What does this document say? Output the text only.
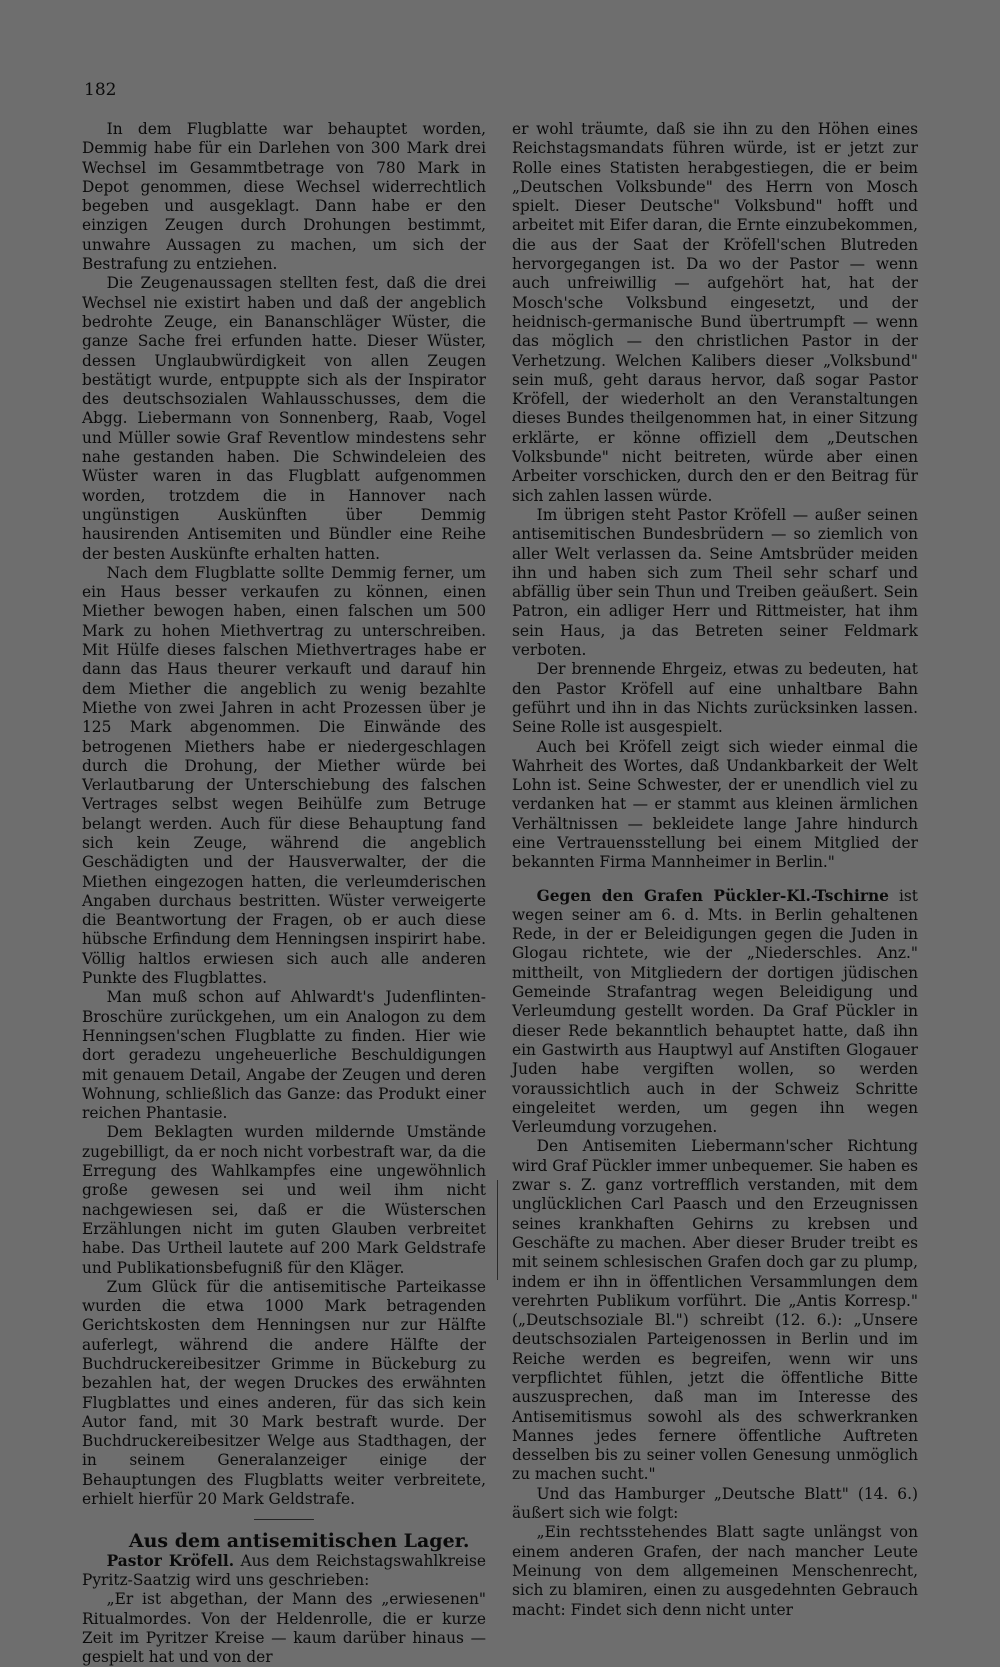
182

In dem Flugblatte war behauptet worden, Demmig habe für ein Darlehen von 300 Mark drei Wechsel im Gesammtbetrage von 780 Mark in Depot genommen, diese Wechsel widerrechtlich begeben und ausgeklagt. Dann habe er den einzigen Zeugen durch Drohungen bestimmt, unwahre Aussagen zu machen, um sich der Bestrafung zu entziehen.

Die Zeugenaussagen stellten fest, daß die drei Wechsel nie existirt haben und daß der angeblich bedrohte Zeuge, ein Bananschläger Wüster, die ganze Sache frei erfunden hatte. Dieser Wüster, dessen Unglaubwürdigkeit von allen Zeugen bestätigt wurde, entpuppte sich als der Inspirator des deutschsozialen Wahlausschusses, dem die Abgg. Liebermann von Sonnenberg, Raab, Vogel und Müller sowie Graf Reventlow mindestens sehr nahe gestanden haben. Die Schwindeleien des Wüster waren in das Flugblatt aufgenommen worden, trotzdem die in Hannover nach ungünstigen Auskünften über Demmig hausirenden Antisemiten und Bündler eine Reihe der besten Auskünfte erhalten hatten.

Nach dem Flugblatte sollte Demmig ferner, um ein Haus besser verkaufen zu können, einen Miether bewogen haben, einen falschen um 500 Mark zu hohen Miethvertrag zu unterschreiben. Mit Hülfe dieses falschen Miethvertrages habe er dann das Haus theurer verkauft und darauf hin dem Miether die angeblich zu wenig bezahlte Miethe von zwei Jahren in acht Prozessen über je 125 Mark abgenommen. Die Einwände des betrogenen Miethers habe er niedergeschlagen durch die Drohung, der Miether würde bei Verlautbarung der Unterschiebung des falschen Vertrages selbst wegen Beihülfe zum Betruge belangt werden. Auch für diese Behauptung fand sich kein Zeuge, während die angeblich Geschädigten und der Hausverwalter, der die Miethen eingezogen hatten, die verleumderischen Angaben durchaus bestritten. Wüster verweigerte die Beantwortung der Fragen, ob er auch diese hübsche Erfindung dem Henningsen inspirirt habe. Völlig haltlos erwiesen sich auch alle anderen Punkte des Flugblattes.

Man muß schon auf Ahlwardt's Judenflinten-Broschüre zurückgehen, um ein Analogon zu dem Henningsen'schen Flugblatte zu finden. Hier wie dort geradezu ungeheuerliche Beschuldigungen mit genauem Detail, Angabe der Zeugen und deren Wohnung, schließlich das Ganze: das Produkt einer reichen Phantasie.

Dem Beklagten wurden mildernde Umstände zugebilligt, da er noch nicht vorbestraft war, da die Erregung des Wahlkampfes eine ungewöhnlich große gewesen sei und weil ihm nicht nachgewiesen sei, daß er die Wüsterschen Erzählungen nicht im guten Glauben verbreitet habe. Das Urtheil lautete auf 200 Mark Geldstrafe und Publikationsbefugniß für den Kläger.

Zum Glück für die antisemitische Parteikasse wurden die etwa 1000 Mark betragenden Gerichtskosten dem Henningsen nur zur Hälfte auferlegt, während die andere Hälfte der Buchdruckereibesitzer Grimme in Bückeburg zu bezahlen hat, der wegen Druckes des erwähnten Flugblattes und eines anderen, für das sich kein Autor fand, mit 30 Mark bestraft wurde. Der Buchdruckereibesitzer Welge aus Stadthagen, der in seinem Generalanzeiger einige der Behauptungen des Flugblatts weiter verbreitete, erhielt hierfür 20 Mark Geldstrafe.

Aus dem antisemitischen Lager.

Pastor Kröfell. Aus dem Reichstagswahlkreise Pyritz-Saatzig wird uns geschrieben:

„Er ist abgethan, der Mann des „erwiesenen" Ritualmordes. Von der Heldenrolle, die er kurze Zeit im Pyritzer Kreise — kaum darüber hinaus — gespielt hat und von der

er wohl träumte, daß sie ihn zu den Höhen eines Reichstagsmandats führen würde, ist er jetzt zur Rolle eines Statisten herabgestiegen, die er beim „Deutschen Volksbunde" des Herrn von Mosch spielt. Dieser Deutsche" Volksbund" hofft und arbeitet mit Eifer daran, die Ernte einzubekommen, die aus der Saat der Kröfell'schen Blutreden hervorgegangen ist. Da wo der Pastor — wenn auch unfreiwillig — aufgehört hat, hat der Mosch'sche Volksbund eingesetzt, und der heidnisch-germanische Bund übertrumpft — wenn das möglich — den christlichen Pastor in der Verhetzung. Welchen Kalibers dieser „Volksbund" sein muß, geht daraus hervor, daß sogar Pastor Kröfell, der wiederholt an den Veranstaltungen dieses Bundes theilgenommen hat, in einer Sitzung erklärte, er könne offiziell dem „Deutschen Volksbunde" nicht beitreten, würde aber einen Arbeiter vorschicken, durch den er den Beitrag für sich zahlen lassen würde.

Im übrigen steht Pastor Kröfell — außer seinen antisemitischen Bundesbrüdern — so ziemlich von aller Welt verlassen da. Seine Amtsbrüder meiden ihn und haben sich zum Theil sehr scharf und abfällig über sein Thun und Treiben geäußert. Sein Patron, ein adliger Herr und Rittmeister, hat ihm sein Haus, ja das Betreten seiner Feldmark verboten.

Der brennende Ehrgeiz, etwas zu bedeuten, hat den Pastor Kröfell auf eine unhaltbare Bahn geführt und ihn in das Nichts zurücksinken lassen. Seine Rolle ist ausgespielt.

Auch bei Kröfell zeigt sich wieder einmal die Wahrheit des Wortes, daß Undankbarkeit der Welt Lohn ist. Seine Schwester, der er unendlich viel zu verdanken hat — er stammt aus kleinen ärmlichen Verhältnissen — bekleidete lange Jahre hindurch eine Vertrauensstellung bei einem Mitglied der bekannten Firma Mannheimer in Berlin."

Gegen den Grafen Pückler-Kl.-Tschirne ist wegen seiner am 6. d. Mts. in Berlin gehaltenen Rede, in der er Beleidigungen gegen die Juden in Glogau richtete, wie der „Niederschles. Anz." mittheilt, von Mitgliedern der dortigen jüdischen Gemeinde Strafantrag wegen Beleidigung und Verleumdung gestellt worden. Da Graf Pückler in dieser Rede bekanntlich behauptet hatte, daß ihn ein Gastwirth aus Hauptwyl auf Anstiften Glogauer Juden habe vergiften wollen, so werden voraussichtlich auch in der Schweiz Schritte eingeleitet werden, um gegen ihn wegen Verleumdung vorzugehen.

Den Antisemiten Liebermann'scher Richtung wird Graf Pückler immer unbequemer. Sie haben es zwar s. Z. ganz vortrefflich verstanden, mit dem unglücklichen Carl Paasch und den Erzeugnissen seines krankhaften Gehirns zu krebsen und Geschäfte zu machen. Aber dieser Bruder treibt es mit seinem schlesischen Grafen doch gar zu plump, indem er ihn in öffentlichen Versammlungen dem verehrten Publikum vorführt. Die „Antis Korresp." („Deutschsoziale Bl.") schreibt (12. 6.): „Unsere deutschsozialen Parteigenossen in Berlin und im Reiche werden es begreifen, wenn wir uns verpflichtet fühlen, jetzt die öffentliche Bitte auszusprechen, daß man im Interesse des Antisemitismus sowohl als des schwerkranken Mannes jedes fernere öffentliche Auftreten desselben bis zu seiner vollen Genesung unmöglich zu machen sucht."

Und das Hamburger „Deutsche Blatt" (14. 6.) äußert sich wie folgt:

„Ein rechtsstehendes Blatt sagte unlängst von einem anderen Grafen, der nach mancher Leute Meinung von dem allgemeinen Menschenrecht, sich zu blamiren, einen zu ausgedehnten Gebrauch macht: Findet sich denn nicht unter
